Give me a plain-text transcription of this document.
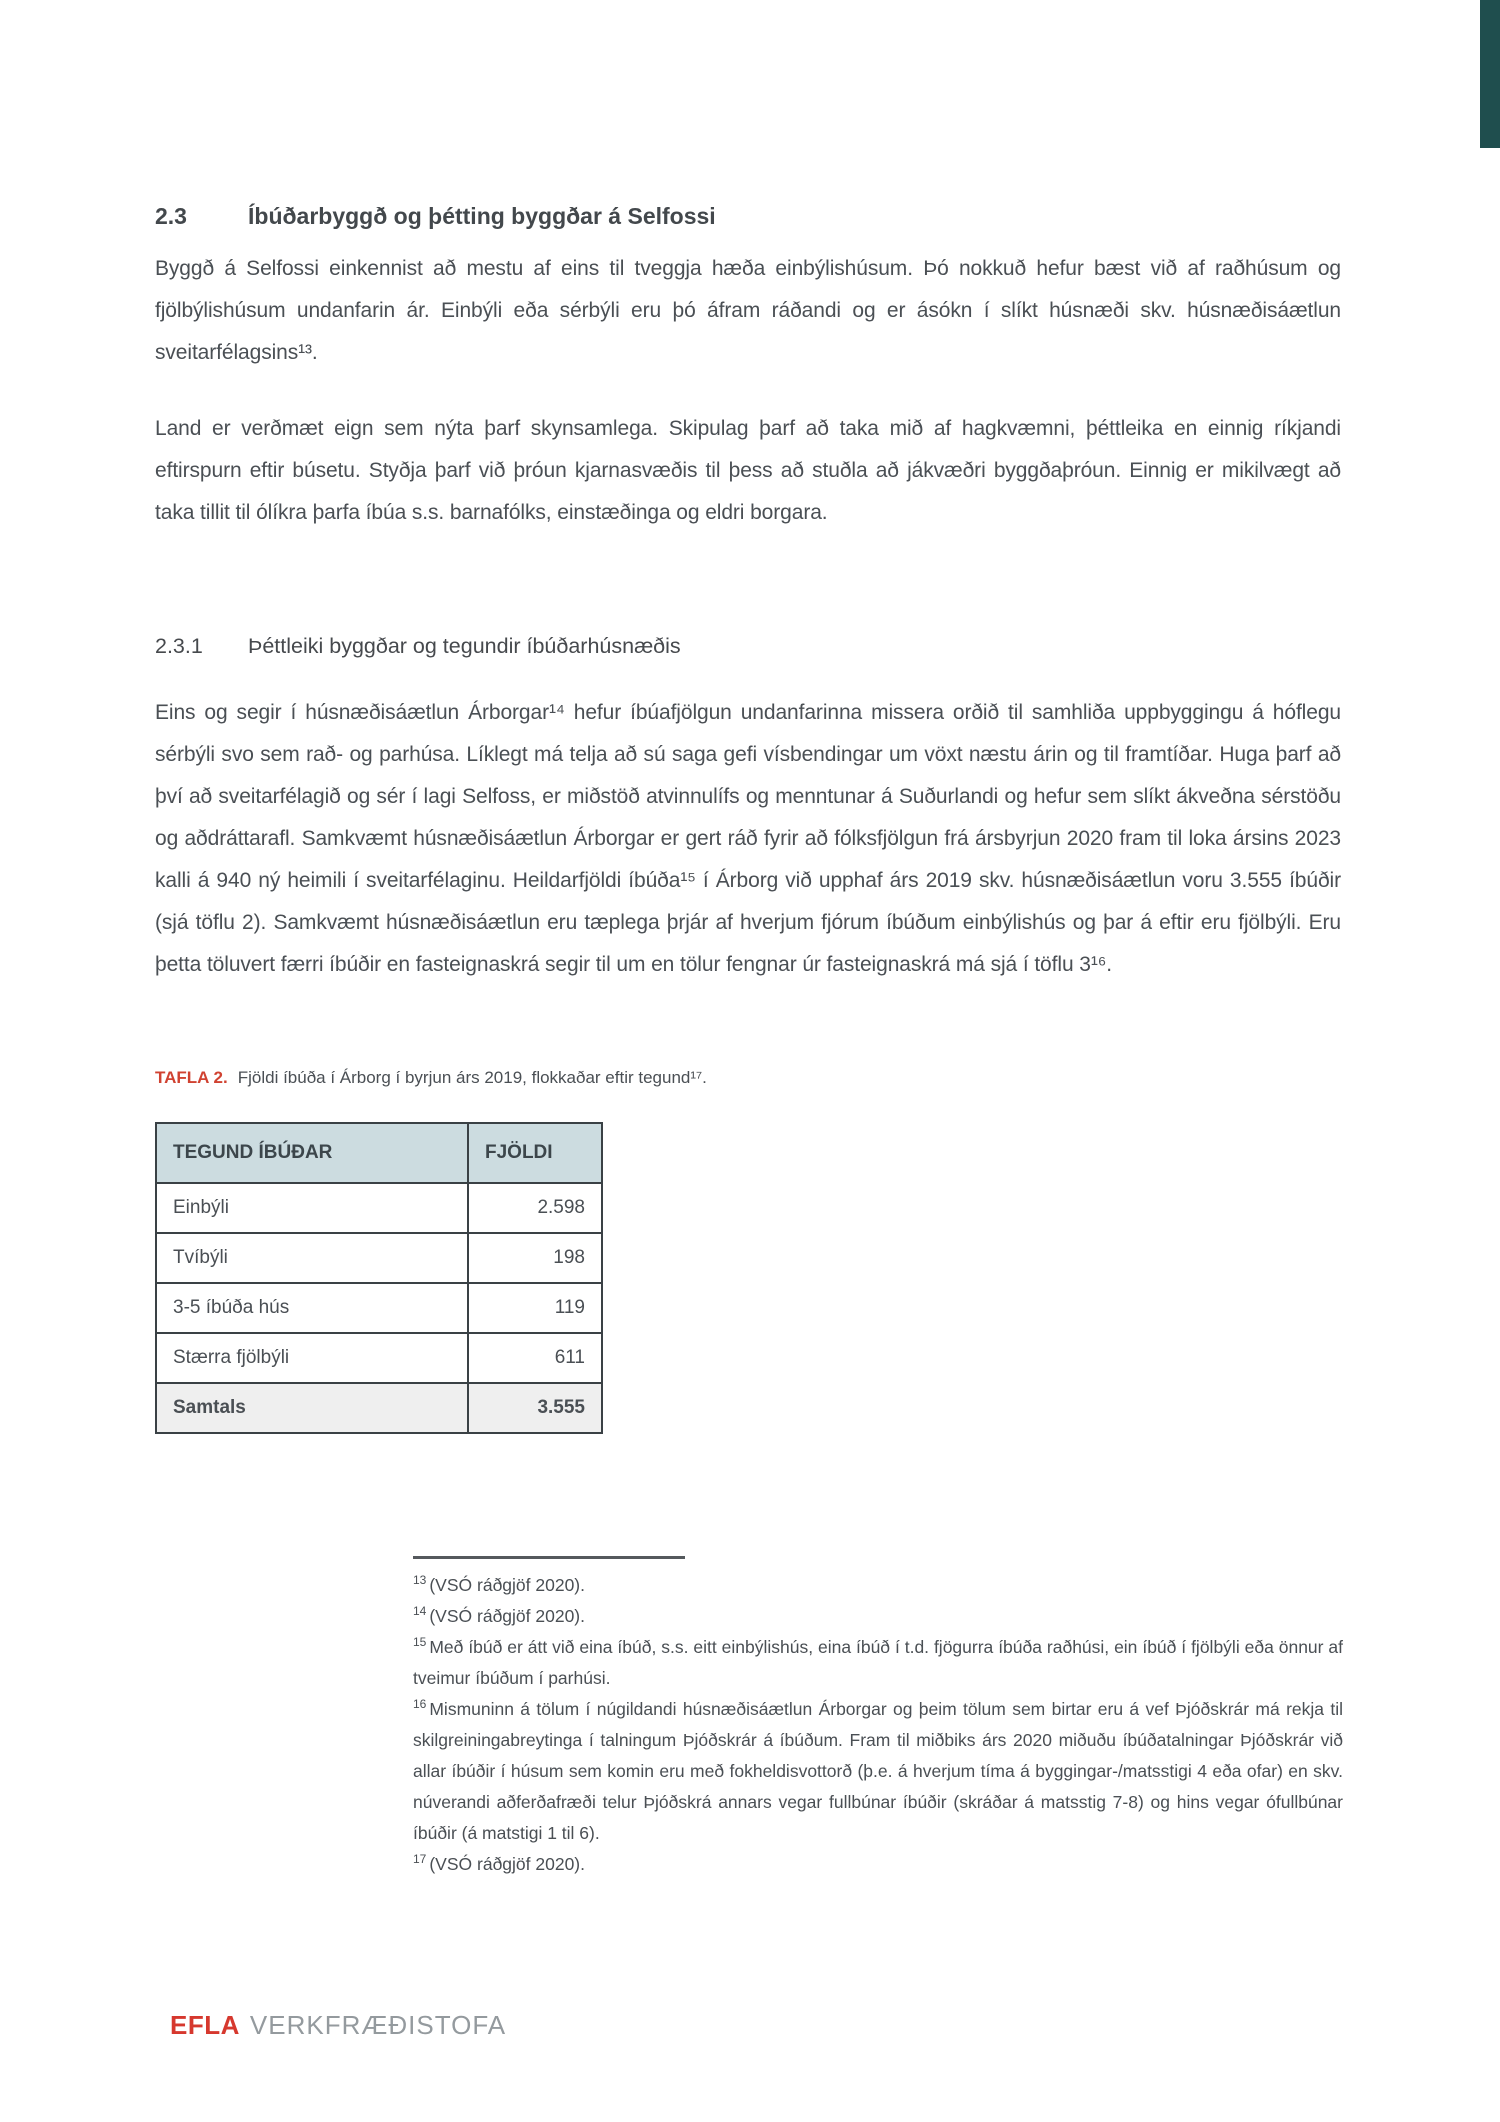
2.3	Íbúðarbyggð og þétting byggðar á Selfossi

Byggð á Selfossi einkennist að mestu af eins til tveggja hæða einbýlishúsum. Þó nokkuð hefur bæst við af raðhúsum og fjölbýlishúsum undanfarin ár. Einbýli eða sérbýli eru þó áfram ráðandi og er ásókn í slíkt húsnæði skv. húsnæðisáætlun sveitarfélagsins¹³.

Land er verðmæt eign sem nýta þarf skynsamlega. Skipulag þarf að taka mið af hagkvæmni, þéttleika en einnig ríkjandi eftirspurn eftir búsetu. Styðja þarf við þróun kjarnasvæðis til þess að stuðla að jákvæðri byggðaþróun. Einnig er mikilvægt að taka tillit til ólíkra þarfa íbúa s.s. barnafólks, einstæðinga og eldri borgara.

2.3.1	Þéttleiki byggðar og tegundir íbúðarhúsnæðis

Eins og segir í húsnæðisáætlun Árborgar¹⁴ hefur íbúafjölgun undanfarinna missera orðið til samhliða uppbyggingu á hóflegu sérbýli svo sem rað- og parhúsa. Líklegt má telja að sú saga gefi vísbendingar um vöxt næstu árin og til framtíðar. Huga þarf að því að sveitarfélagið og sér í lagi Selfoss, er miðstöð atvinnulífs og menntunar á Suðurlandi og hefur sem slíkt ákveðna sérstöðu og aðdráttarafl. Samkvæmt húsnæðisáætlun Árborgar er gert ráð fyrir að fólksfjölgun frá ársbyrjun 2020 fram til loka ársins 2023 kalli á 940 ný heimili í sveitarfélaginu. Heildarfjöldi íbúða¹⁵ í Árborg við upphaf árs 2019 skv. húsnæðisáætlun voru 3.555 íbúðir (sjá töflu 2). Samkvæmt húsnæðisáætlun eru tæplega þrjár af hverjum fjórum íbúðum einbýlishús og þar á eftir eru fjölbýli. Eru þetta töluvert færri íbúðir en fasteignaskrá segir til um en tölur fengnar úr fasteignaskrá má sjá í töflu 3¹⁶.

TAFLA 2. Fjöldi íbúða í Árborg í byrjun árs 2019, flokkaðar eftir tegund¹⁷.
TEGUND ÍBÚÐAR	FJÖLDI
Einbýli	2.598
Tvíbýli	198
3-5 íbúða hús	119
Stærra fjölbýli	611
Samtals	3.555

$^{13}$ (VSÓ ráðgjöf 2020).

$^{14}$ (VSÓ ráðgjöf 2020).

$^{15}$ Með íbúð er átt við eina íbúð, s.s. eitt einbýlishús, eina íbúð í t.d. fjögurra íbúða raðhúsi, ein íbúð í fjölbýli eða önnur af tveimur íbúðum í parhúsi.

$^{16}$ Mismuninn á tölum í núgildandi húsnæðisáætlun Árborgar og þeim tölum sem birtar eru á vef Þjóðskrár má rekja til skilgreiningabreytinga í talningum Þjóðskrár á íbúðum. Fram til miðbiks árs 2020 miðuðu íbúðatalningar Þjóðskrár við allar íbúðir í húsum sem komin eru með fokheldisvottorð (þ.e. á hverjum tíma á byggingar-/matsstigi 4 eða ofar) en skv. núverandi aðferðafræði telur Þjóðskrá annars vegar fullbúnar íbúðir (skráðar á matsstig 7-8) og hins vegar ófullbúnar íbúðir (á matstigi 1 til 6).

$^{17}$ (VSÓ ráðgjöf 2020).

EFLA VERKFRÆÐISTOFA
